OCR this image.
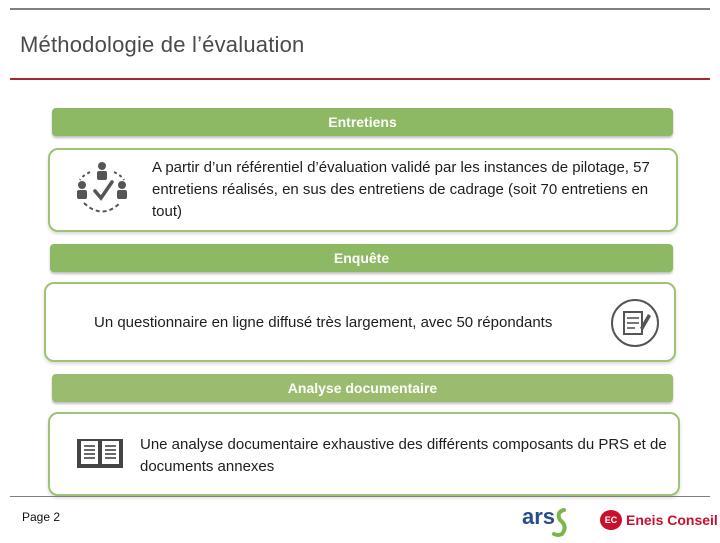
Méthodologie de l’évaluation
Entretiens
A partir d’un référentiel d’évaluation validé par les instances de pilotage, 57 entretiens réalisés, en sus des entretiens de cadrage (soit 70 entretiens en tout)
Enquête
Un questionnaire en ligne diffusé très largement, avec 50 répondants
Analyse documentaire
Une analyse documentaire exhaustive des différents composants du PRS et de documents annexes
Page 2	ars	EC Eneis Conseil
